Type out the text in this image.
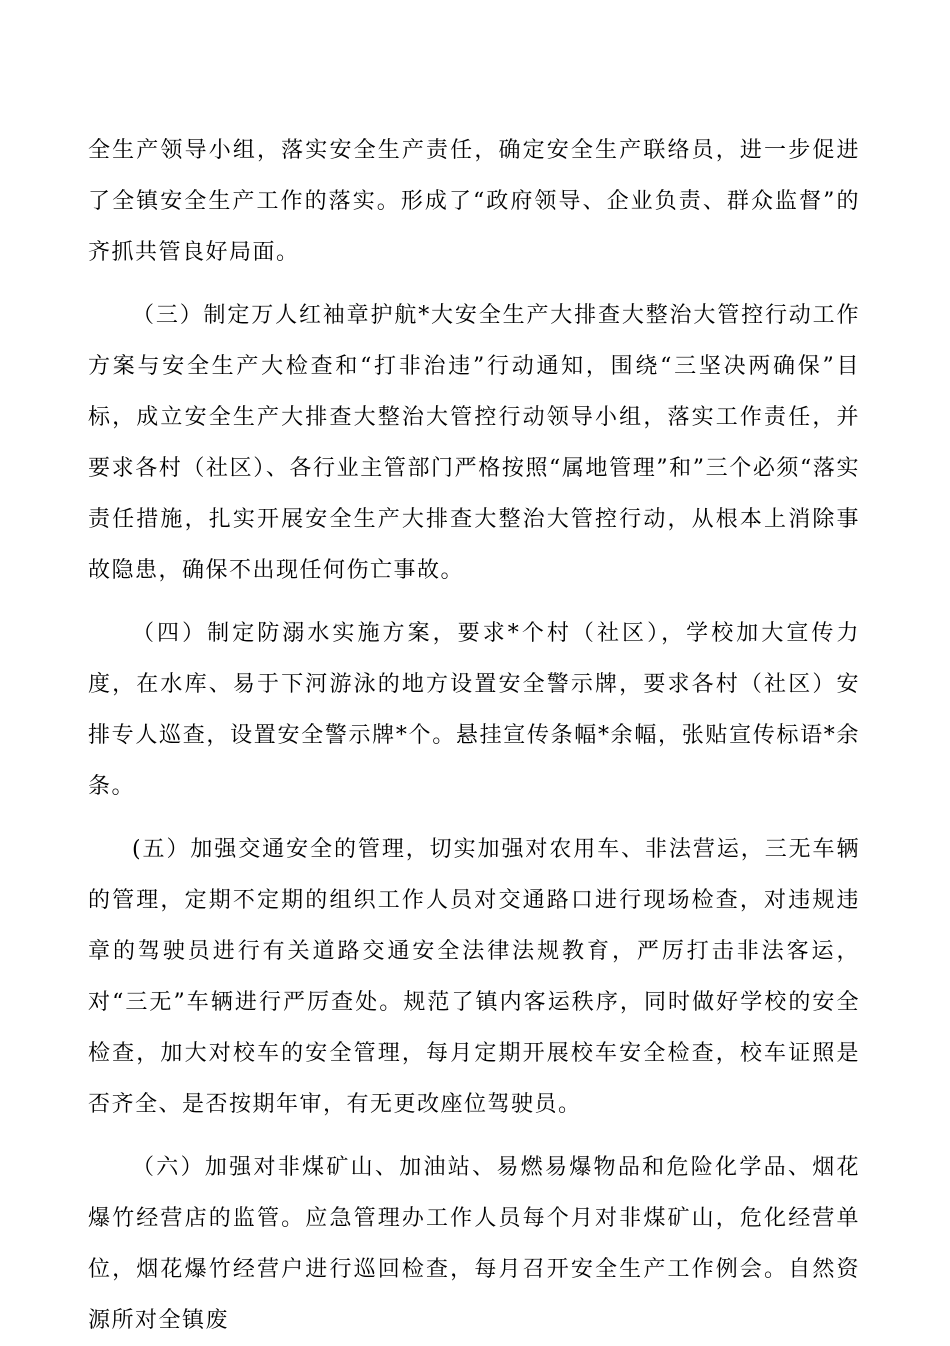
全生产领导小组，落实安全生产责任，确定安全生产联络员，进一步促进了全镇安全生产工作的落实。形成了“政府领导、企业负责、群众监督”的齐抓共管良好局面。

（三）制定万人红袖章护航*大安全生产大排查大整治大管控行动工作方案与安全生产大检查和“打非治违”行动通知，围绕“三坚决两确保”目标，成立安全生产大排查大整治大管控行动领导小组，落实工作责任，并要求各村（社区）、各行业主管部门严格按照“属地管理”和”三个必须“落实责任措施，扎实开展安全生产大排查大整治大管控行动，从根本上消除事故隐患，确保不出现任何伤亡事故。

（四）制定防溺水实施方案，要求*个村（社区），学校加大宣传力度，在水库、易于下河游泳的地方设置安全警示牌，要求各村（社区）安排专人巡查，设置安全警示牌*个。悬挂宣传条幅*余幅，张贴宣传标语*余条。

(五）加强交通安全的管理，切实加强对农用车、非法营运，三无车辆的管理，定期不定期的组织工作人员对交通路口进行现场检查，对违规违章的驾驶员进行有关道路交通安全法律法规教育，严厉打击非法客运，对“三无”车辆进行严厉查处。规范了镇内客运秩序，同时做好学校的安全检查，加大对校车的安全管理，每月定期开展校车安全检查，校车证照是否齐全、是否按期年审，有无更改座位驾驶员。

（六）加强对非煤矿山、加油站、易燃易爆物品和危险化学品、烟花爆竹经营店的监管。应急管理办工作人员每个月对非煤矿山，危化经营单位，烟花爆竹经营户进行巡回检查，每月召开安全生产工作例会。自然资源所对全镇废
